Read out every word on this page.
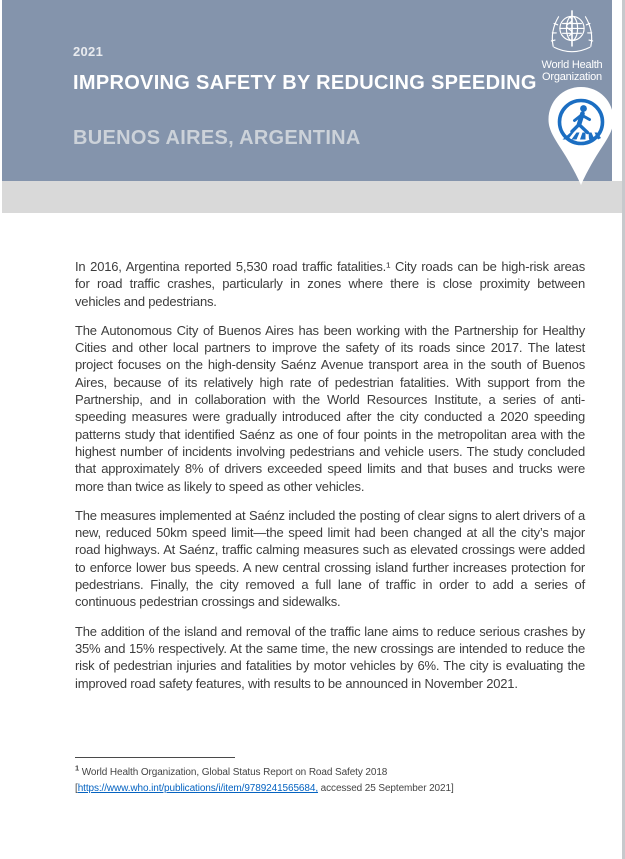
2021
IMPROVING SAFETY BY REDUCING SPEEDING
BUENOS AIRES, ARGENTINA
World Health
Organization

In 2016, Argentina reported 5,530 road traffic fatalities.¹ City roads can be high-risk areas for road traffic crashes, particularly in zones where there is close proximity between vehicles and pedestrians.

The Autonomous City of Buenos Aires has been working with the Partnership for Healthy Cities and other local partners to improve the safety of its roads since 2017. The latest project focuses on the high-density Saénz Avenue transport area in the south of Buenos Aires, because of its relatively high rate of pedestrian fatalities. With support from the Partnership, and in collaboration with the World Resources Institute, a series of anti-speeding measures were gradually introduced after the city conducted a 2020 speeding patterns study that identified Saénz as one of four points in the metropolitan area with the highest number of incidents involving pedestrians and vehicle users. The study concluded that approximately 8% of drivers exceeded speed limits and that buses and trucks were more than twice as likely to speed as other vehicles.

The measures implemented at Saénz included the posting of clear signs to alert drivers of a new, reduced 50km speed limit—the speed limit had been changed at all the city’s major road highways. At Saénz, traffic calming measures such as elevated crossings were added to enforce lower bus speeds. A new central crossing island further increases protection for pedestrians. Finally, the city removed a full lane of traffic in order to add a series of continuous pedestrian crossings and sidewalks.

The addition of the island and removal of the traffic lane aims to reduce serious crashes by 35% and 15% respectively. At the same time, the new crossings are intended to reduce the risk of pedestrian injuries and fatalities by motor vehicles by 6%. The city is evaluating the improved road safety features, with results to be announced in November 2021.

$^1$ World Health Organization, Global Status Report on Road Safety 2018
[https://www.who.int/publications/i/item/9789241565684, accessed 25 September 2021]
